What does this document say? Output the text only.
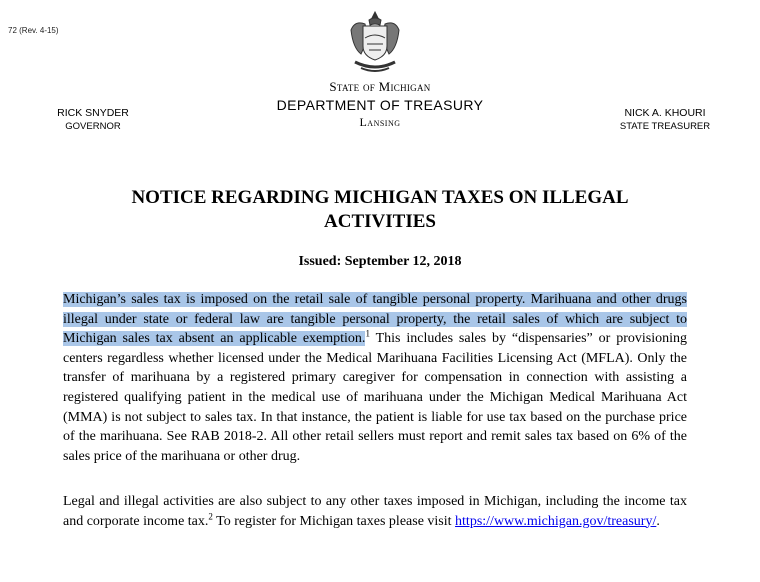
72 (Rev. 4-15)
State of Michigan
DEPARTMENT OF TREASURY
Lansing
RICK SNYDER
GOVERNOR
NICK A. KHOURI
STATE TREASURER
NOTICE REGARDING MICHIGAN TAXES ON ILLEGAL ACTIVITIES
Issued: September 12, 2018

Michigan’s sales tax is imposed on the retail sale of tangible personal property. Marihuana and other drugs illegal under state or federal law are tangible personal property, the retail sales of which are subject to Michigan sales tax absent an applicable exemption.$^1$ This includes sales by “dispensaries” or provisioning centers regardless whether licensed under the Medical Marihuana Facilities Licensing Act (MFLA). Only the transfer of marihuana by a registered primary caregiver for compensation in connection with assisting a registered qualifying patient in the medical use of marihuana under the Michigan Medical Marihuana Act (MMA) is not subject to sales tax. In that instance, the patient is liable for use tax based on the purchase price of the marihuana. See RAB 2018-2. All other retail sellers must report and remit sales tax based on 6% of the sales price of the marihuana or other drug.

Legal and illegal activities are also subject to any other taxes imposed in Michigan, including the income tax and corporate income tax.$^2$ To register for Michigan taxes please visit https://www.michigan.gov/treasury/.
